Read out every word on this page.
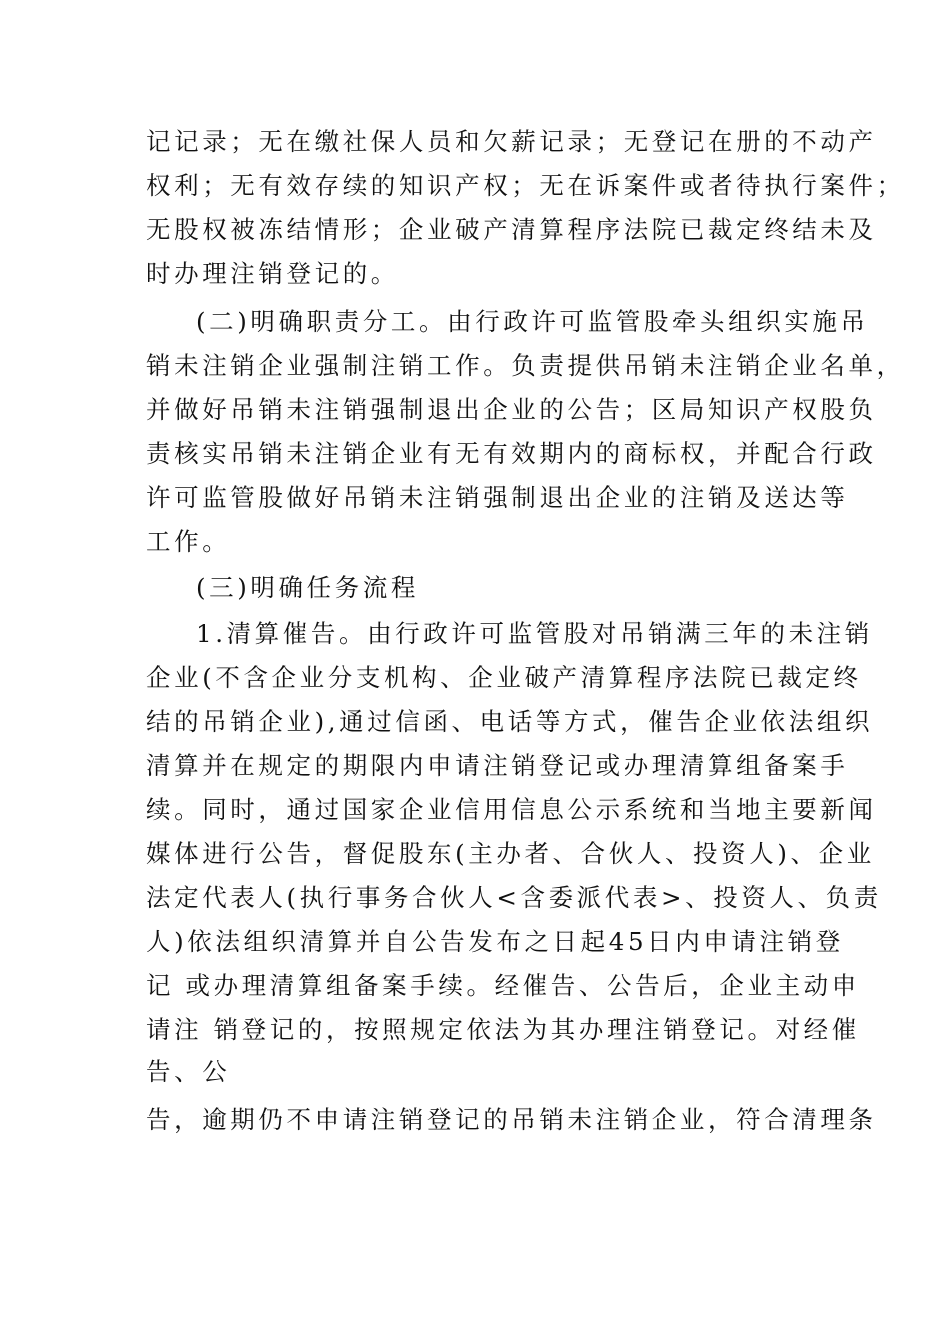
记记录；无在缴社保人员和欠薪记录；无登记在册的不动产
权利；无有效存续的知识产权；无在诉案件或者待执行案件；
无股权被冻结情形；企业破产清算程序法院已裁定终结未及
时办理注销登记的。
(二)明确职责分工。由行政许可监管股牵头组织实施吊
销未注销企业强制注销工作。负责提供吊销未注销企业名单，
并做好吊销未注销强制退出企业的公告；区局知识产权股负
责核实吊销未注销企业有无有效期内的商标权，并配合行政
许可监管股做好吊销未注销强制退出企业的注销及送达等
工作。
(三)明确任务流程
1.清算催告。由行政许可监管股对吊销满三年的未注销
企业(不含企业分支机构、企业破产清算程序法院已裁定终
结的吊销企业),通过信函、电话等方式，催告企业依法组织
清算并在规定的期限内申请注销登记或办理清算组备案手
续。同时，通过国家企业信用信息公示系统和当地主要新闻
媒体进行公告，督促股东(主办者、合伙人、投资人)、企业
法定代表人(执行事务合伙人<含委派代表>、投资人、负责
人)依法组织清算并自公告发布之日起45日内申请注销登
记 或办理清算组备案手续。经催告、公告后，企业主动申
请注 销登记的，按照规定依法为其办理注销登记。对经催
告、公
告，逾期仍不申请注销登记的吊销未注销企业，符合清理条
